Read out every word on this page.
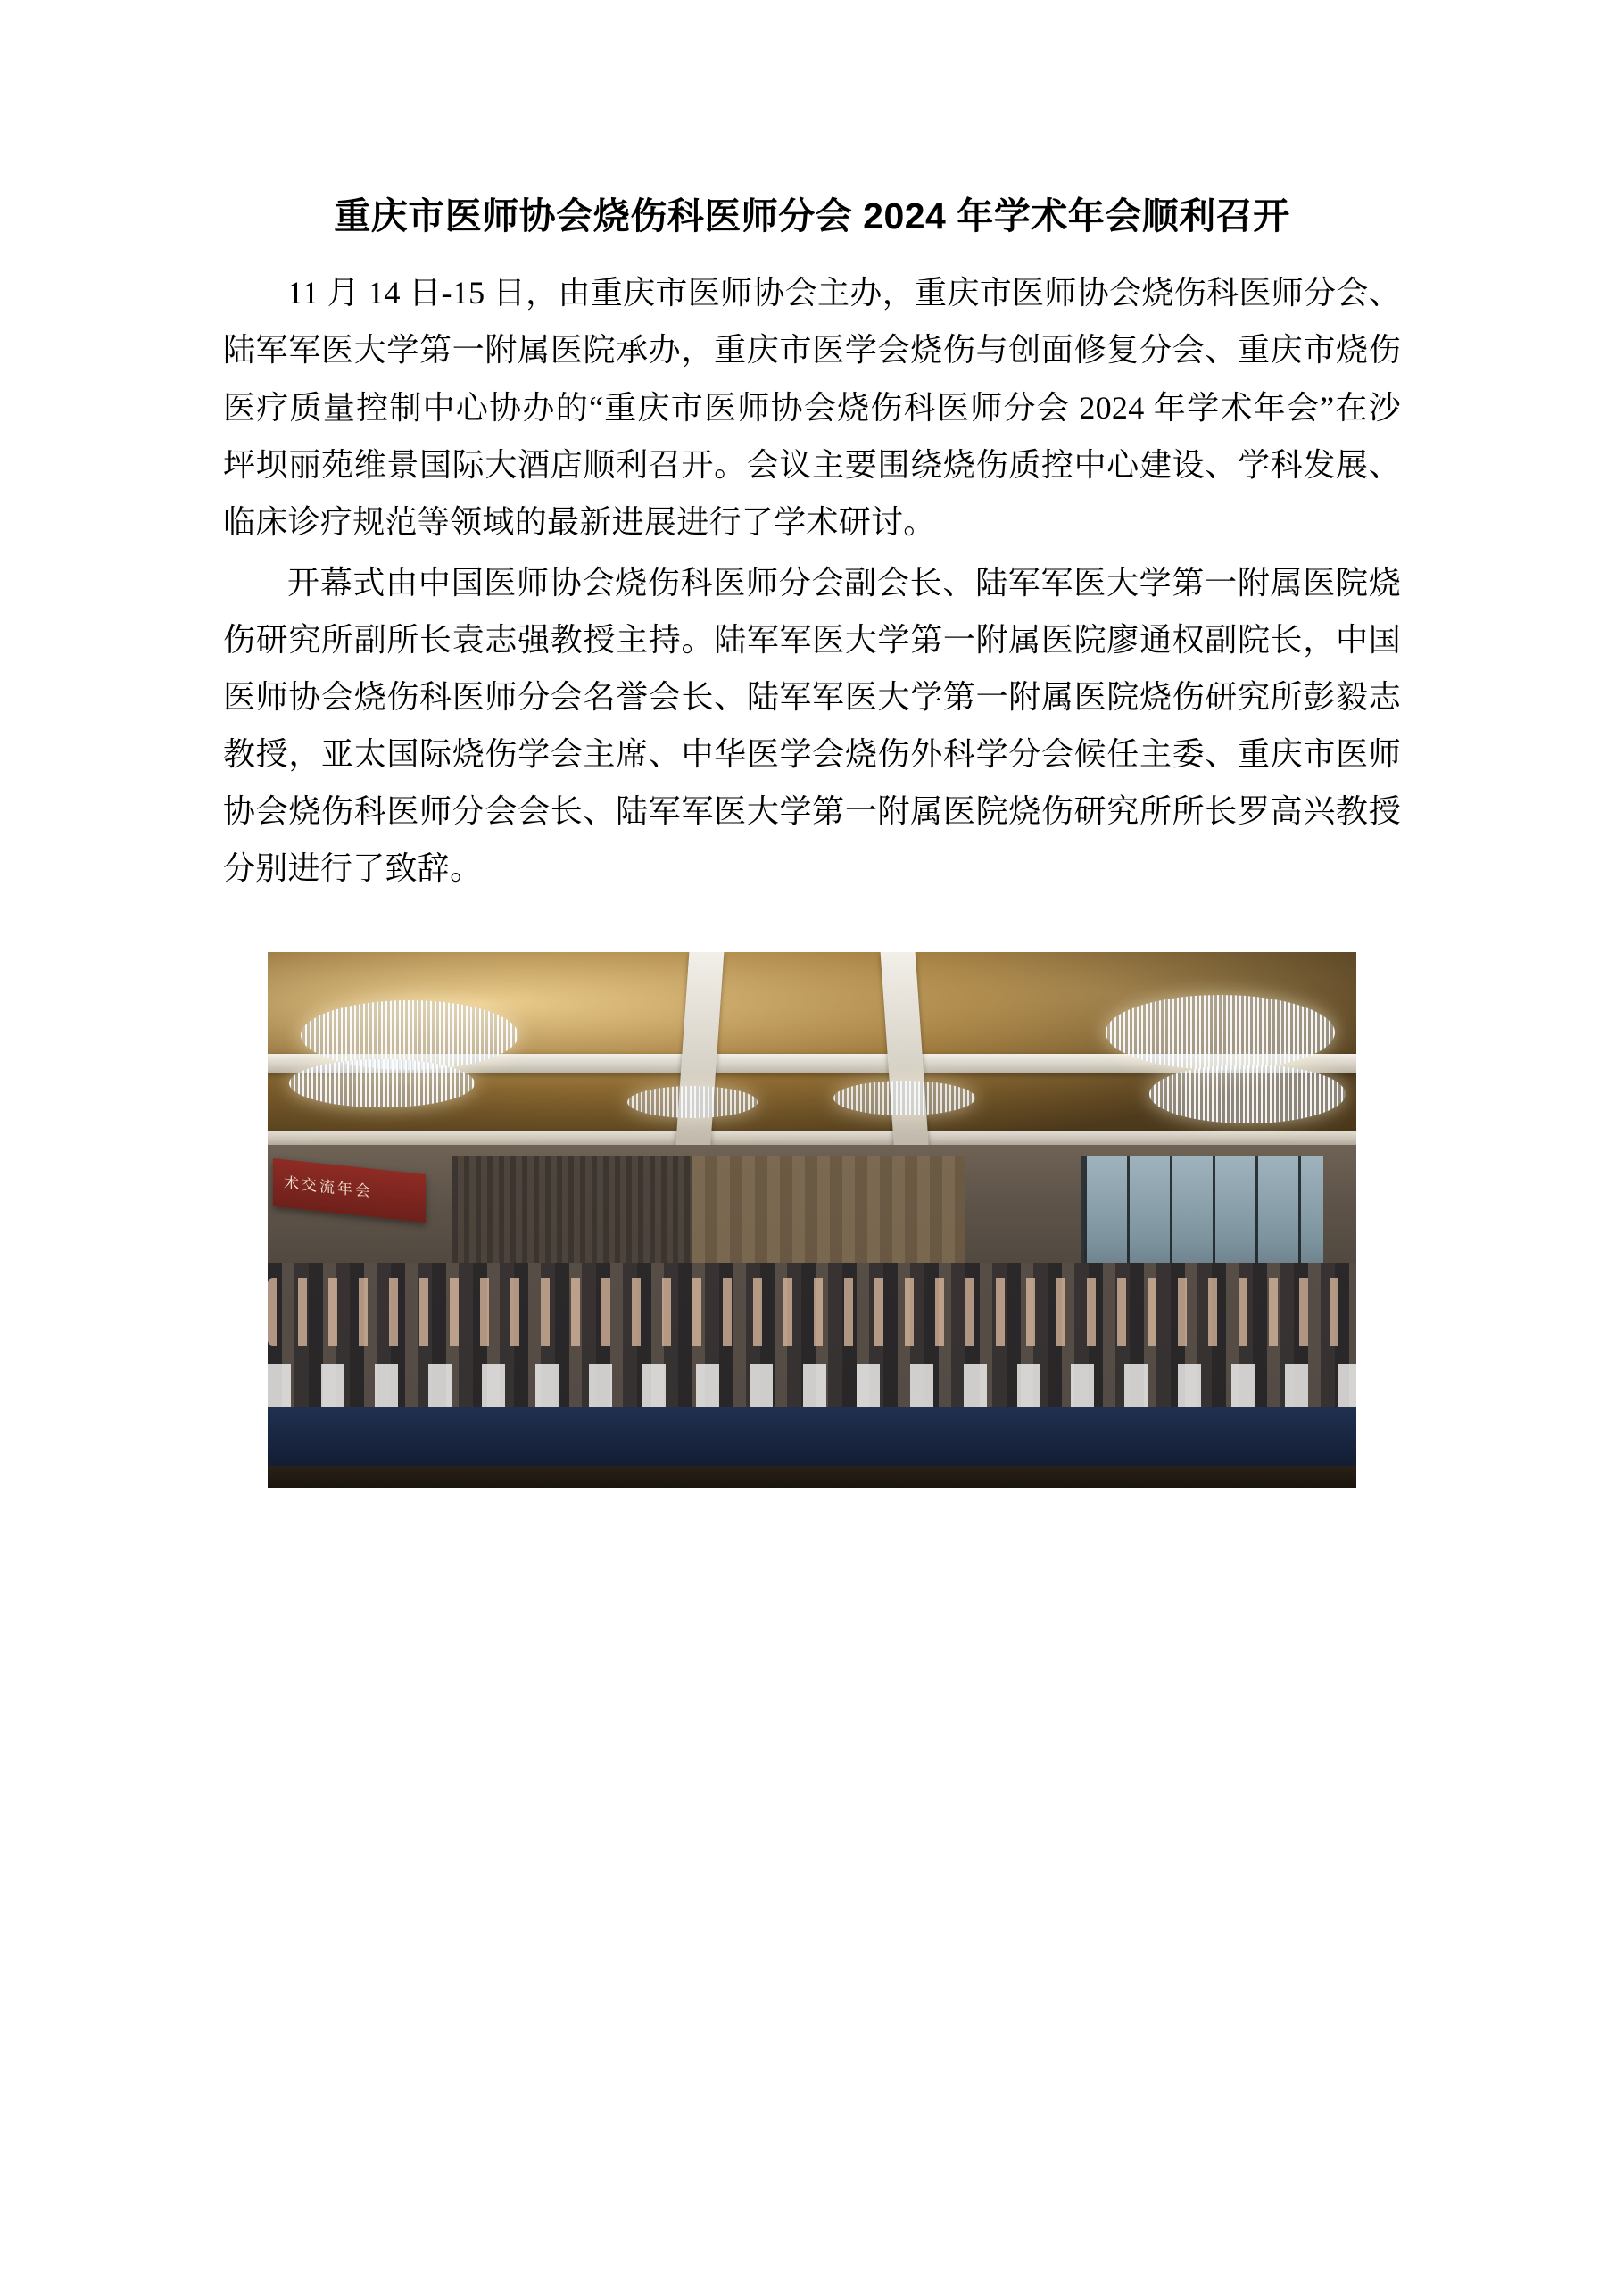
重庆市医师协会烧伤科医师分会 2024 年学术年会顺利召开

11 月 14 日-15 日，由重庆市医师协会主办，重庆市医师协会烧伤科医师分会、陆军军医大学第一附属医院承办，重庆市医学会烧伤与创面修复分会、重庆市烧伤医疗质量控制中心协办的“重庆市医师协会烧伤科医师分会 2024 年学术年会”在沙坪坝丽苑维景国际大酒店顺利召开。会议主要围绕烧伤质控中心建设、学科发展、临床诊疗规范等领域的最新进展进行了学术研讨。

开幕式由中国医师协会烧伤科医师分会副会长、陆军军医大学第一附属医院烧伤研究所副所长袁志强教授主持。陆军军医大学第一附属医院廖通权副院长，中国医师协会烧伤科医师分会名誉会长、陆军军医大学第一附属医院烧伤研究所彭毅志教授，亚太国际烧伤学会主席、中华医学会烧伤外科学分会候任主委、重庆市医师协会烧伤科医师分会会长、陆军军医大学第一附属医院烧伤研究所所长罗高兴教授分别进行了致辞。

术交流年会
